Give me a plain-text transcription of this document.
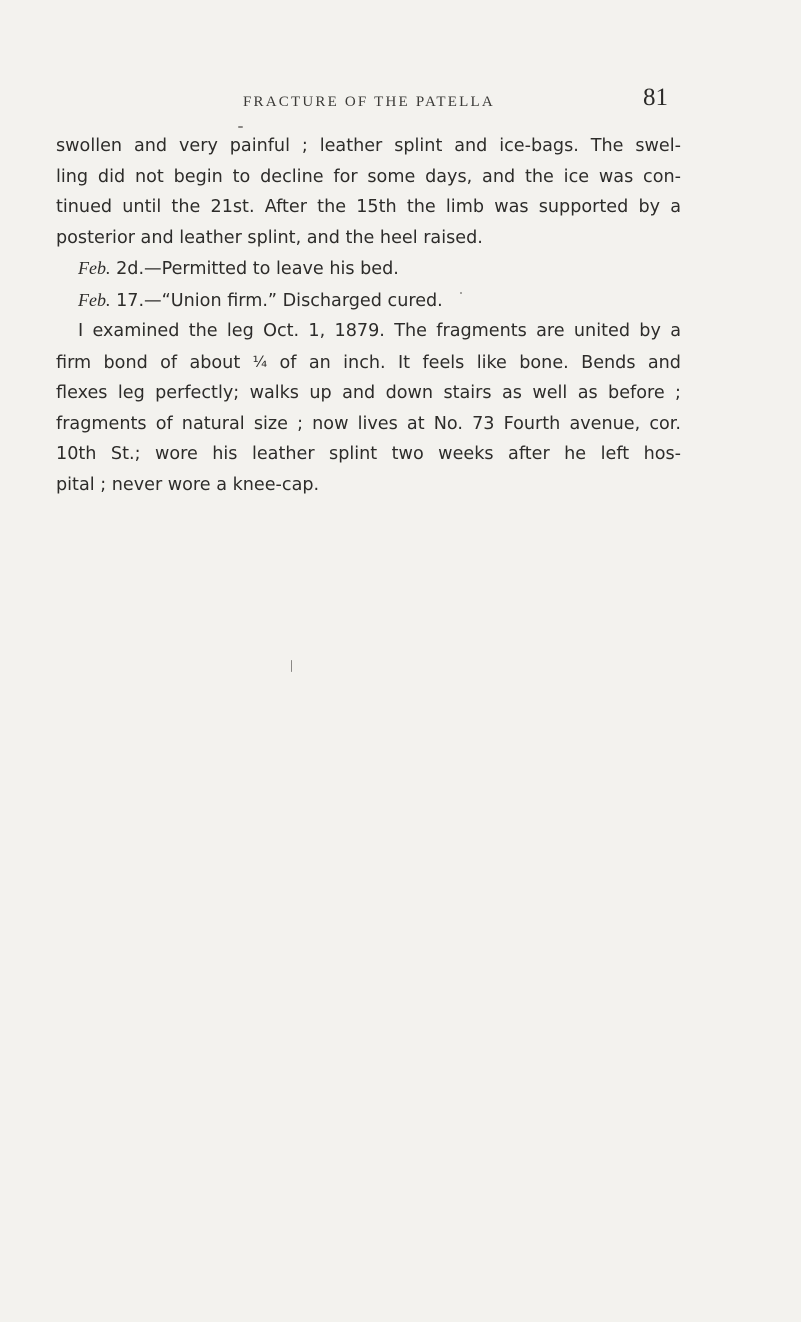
FRACTURE OF THE PATELLA	81
swollen and very painful ; leather splint and ice-bags. The swel-
ling did not begin to decline for some days, and the ice was con-
tinued until the 21st. After the 15th the limb was supported by a
posterior and leather splint, and the heel raised.
Feb. 2d.—Permitted to leave his bed.
Feb. 17.—“Union firm.” Discharged cured.
I examined the leg Oct. 1, 1879. The fragments are united by a
firm bond of about ¼ of an inch. It feels like bone. Bends and
flexes leg perfectly; walks up and down stairs as well as before ;
fragments of natural size ; now lives at No. 73 Fourth avenue, cor.
10th St.; wore his leather splint two weeks after he left hos-
pital ; never wore a knee-cap.
